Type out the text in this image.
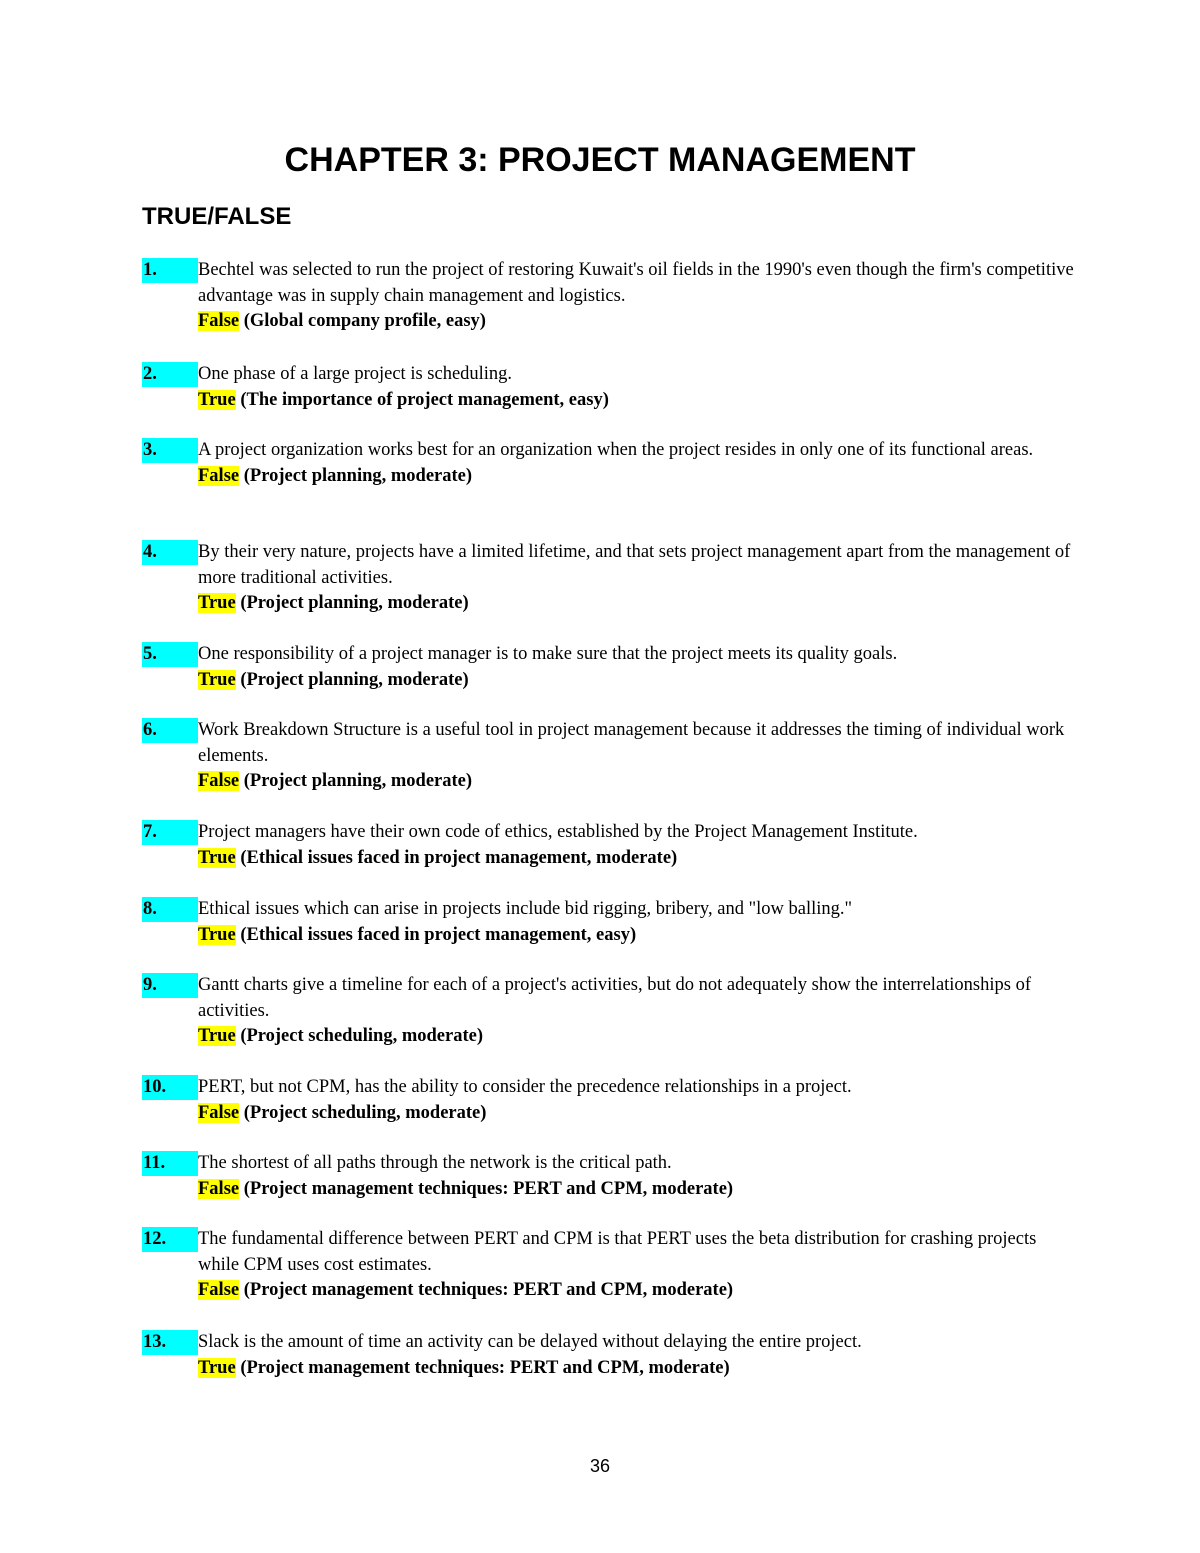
CHAPTER 3: PROJECT MANAGEMENT
TRUE/FALSE
1.	Bechtel was selected to run the project of restoring Kuwait's oil fields in the 1990's even though the firm's competitive advantage was in supply chain management and logistics.
False (Global company profile, easy)
2.	One phase of a large project is scheduling.
True (The importance of project management, easy)
3.	A project organization works best for an organization when the project resides in only one of its functional areas.
False (Project planning, moderate)
4.	By their very nature, projects have a limited lifetime, and that sets project management apart from the management of more traditional activities.
True (Project planning, moderate)
5.	One responsibility of a project manager is to make sure that the project meets its quality goals.
True (Project planning, moderate)
6.	Work Breakdown Structure is a useful tool in project management because it addresses the timing of individual work elements.
False (Project planning, moderate)
7.	Project managers have their own code of ethics, established by the Project Management Institute.
True (Ethical issues faced in project management, moderate)
8.	Ethical issues which can arise in projects include bid rigging, bribery, and "low balling."
True (Ethical issues faced in project management, easy)
9.	Gantt charts give a timeline for each of a project's activities, but do not adequately show the interrelationships of activities.
True (Project scheduling, moderate)
10.	PERT, but not CPM, has the ability to consider the precedence relationships in a project.
False (Project scheduling, moderate)
11.	The shortest of all paths through the network is the critical path.
False (Project management techniques: PERT and CPM, moderate)
12.	The fundamental difference between PERT and CPM is that PERT uses the beta distribution for crashing projects while CPM uses cost estimates.
False (Project management techniques: PERT and CPM, moderate)
13.	Slack is the amount of time an activity can be delayed without delaying the entire project.
True (Project management techniques: PERT and CPM, moderate)
36
